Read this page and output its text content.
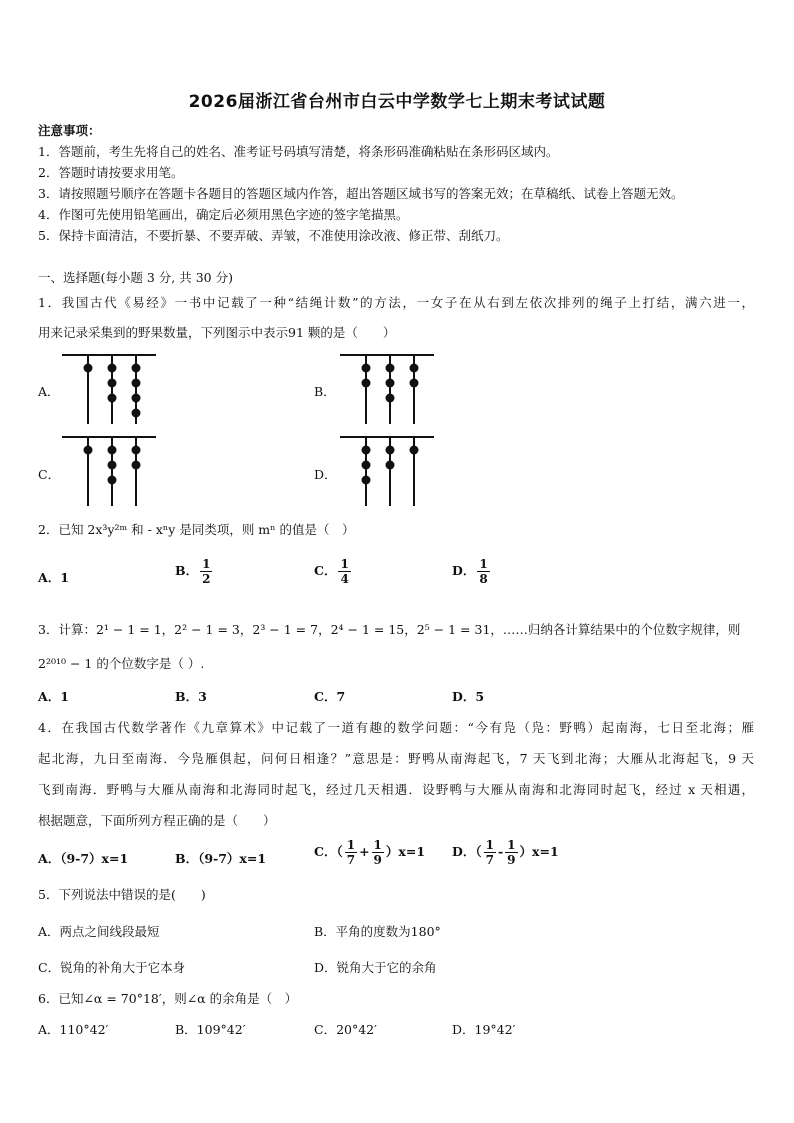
2026届浙江省台州市白云中学数学七上期末考试试题
注意事项：
1．答题前，考生先将自己的姓名、准考证号码填写清楚，将条形码准确粘贴在条形码区域内。
2．答题时请按要求用笔。
3．请按照题号顺序在答题卡各题目的答题区域内作答，超出答题区域书写的答案无效；在草稿纸、试卷上答题无效。
4．作图可先使用铅笔画出，确定后必须用黑色字迹的签字笔描黑。
5．保持卡面清洁，不要折暴、不要弄破、弄皱，不准使用涂改液、修正带、刮纸刀。
一、选择题(每小题 3 分, 共 30 分)
1．我国古代《易经》一书中记载了一种“结绳计数”的方法，一女子在从右到左依次排列的绳子上打结，满六进一，
用来记录采集到的野果数量，下列图示中表示91 颗的是（　　）
A．	B．
C．	D．
2．已知 2x³y²ᵐ 和 - xⁿy 是同类项，则 mⁿ 的值是（　）
A．1	B． $\frac{1}{2}$	C． $\frac{1}{4}$	D． $\frac{1}{8}$
3．计算：2¹ − 1 = 1，2² − 1 = 3，2³ − 1 = 7，2⁴ − 1 = 15，2⁵ − 1 = 31，……归纳各计算结果中的个位数字规律，则
2²⁰¹⁰ − 1 的个位数字是（ ）.
A．1	B．3	C．7	D．5
4．在我国古代数学著作《九章算术》中记载了一道有趣的数学问题：“今有凫（凫：野鸭）起南海，七日至北海；雁
起北海，九日至南海．今凫雁俱起，问何日相逢？”意思是：野鸭从南海起飞，7 天飞到北海；大雁从北海起飞，9 天
飞到南海．野鸭与大雁从南海和北海同时起飞，经过几天相遇．设野鸭与大雁从南海和北海同时起飞，经过 x 天相遇，
根据题意，下面所列方程正确的是（　　）
A．（9-7）x=1	B．（9-7）x=1	C．（ $\frac{1}{7} + \frac{1}{9} )x=1$ D．（ $\frac{1}{7} - \frac{1}{9} )x=1$
5．下列说法中错误的是(　　)
A．两点之间线段最短	B．平角的度数为180°
C．锐角的补角大于它本身	D．锐角大于它的余角
6．已知∠α = 70°18′，则∠α 的余角是（　）
A．110°42′	B．109°42′	C．20°42′	D．19°42′
